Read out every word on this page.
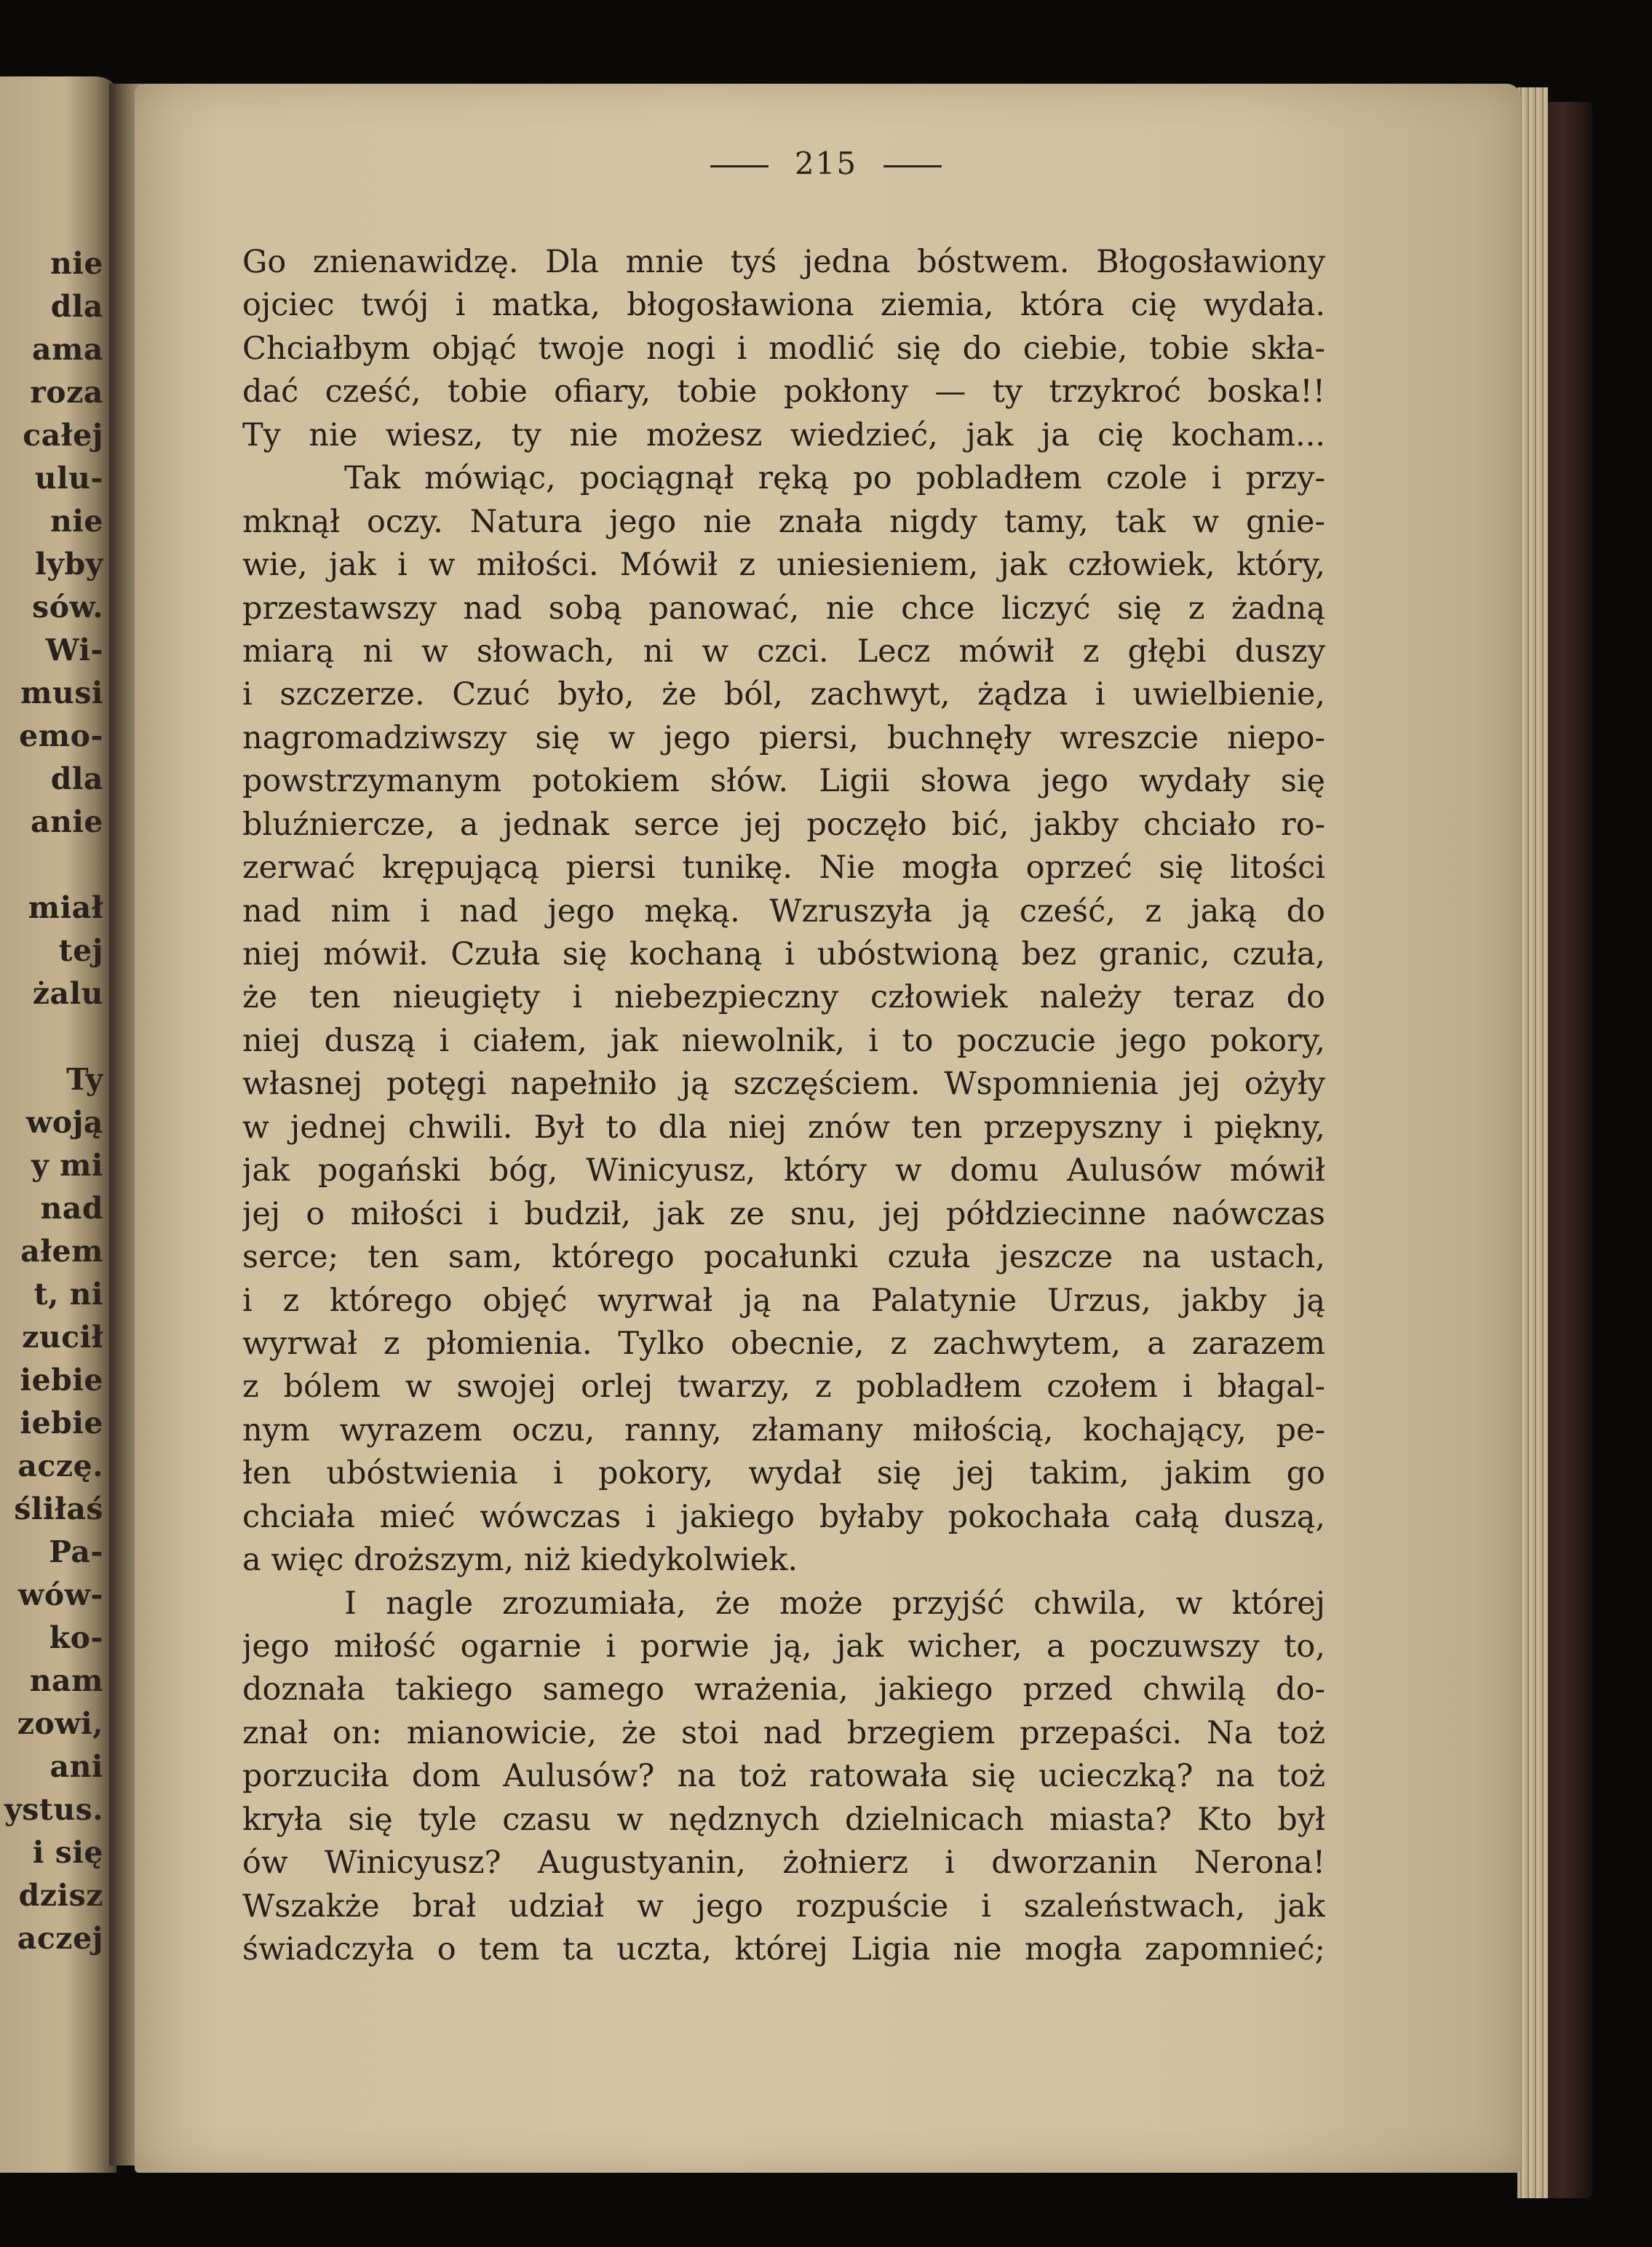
nie
dla
ama
roza
całej
ulu-
nie
lyby
sów.
Wi-
musi
emo-
dla
anie
miał
tej
żalu
Ty
woją
y mi
nad
ałem
t, ni
zucił
iebie
iebie
aczę.
śliłaś
Pa-
wów-
ko-
nam
zowi,
ani
ystus.
i się
dzisz
aczej
215
Go znienawidzę. Dla mnie tyś jedna bóstwem. Błogosławiony
ojciec twój i matka, błogosławiona ziemia, która cię wydała.
Chciałbym objąć twoje nogi i modlić się do ciebie, tobie skła-
dać cześć, tobie ofiary, tobie pokłony — ty trzykroć boska!!
Ty nie wiesz, ty nie możesz wiedzieć, jak ja cię kocham...
Tak mówiąc, pociągnął ręką po pobladłem czole i przy-
mknął oczy. Natura jego nie znała nigdy tamy, tak w gnie-
wie, jak i w miłości. Mówił z uniesieniem, jak człowiek, który,
przestawszy nad sobą panować, nie chce liczyć się z żadną
miarą ni w słowach, ni w czci. Lecz mówił z głębi duszy
i szczerze. Czuć było, że ból, zachwyt, żądza i uwielbienie,
nagromadziwszy się w jego piersi, buchnęły wreszcie niepo-
powstrzymanym potokiem słów. Ligii słowa jego wydały się
bluźniercze, a jednak serce jej poczęło bić, jakby chciało ro-
zerwać krępującą piersi tunikę. Nie mogła oprzeć się litości
nad nim i nad jego męką. Wzruszyła ją cześć, z jaką do
niej mówił. Czuła się kochaną i ubóstwioną bez granic, czuła,
że ten nieugięty i niebezpieczny człowiek należy teraz do
niej duszą i ciałem, jak niewolnik, i to poczucie jego pokory,
własnej potęgi napełniło ją szczęściem. Wspomnienia jej ożyły
w jednej chwili. Był to dla niej znów ten przepyszny i piękny,
jak pogański bóg, Winicyusz, który w domu Aulusów mówił
jej o miłości i budził, jak ze snu, jej półdziecinne naówczas
serce; ten sam, którego pocałunki czuła jeszcze na ustach,
i z którego objęć wyrwał ją na Palatynie Urzus, jakby ją
wyrwał z płomienia. Tylko obecnie, z zachwytem, a zarazem
z bólem w swojej orlej twarzy, z pobladłem czołem i błagal-
nym wyrazem oczu, ranny, złamany miłością, kochający, pe-
łen ubóstwienia i pokory, wydał się jej takim, jakim go
chciała mieć wówczas i jakiego byłaby pokochała całą duszą,
a więc droższym, niż kiedykolwiek.
I nagle zrozumiała, że może przyjść chwila, w której
jego miłość ogarnie i porwie ją, jak wicher, a poczuwszy to,
doznała takiego samego wrażenia, jakiego przed chwilą do-
znał on: mianowicie, że stoi nad brzegiem przepaści. Na toż
porzuciła dom Aulusów? na toż ratowała się ucieczką? na toż
kryła się tyle czasu w nędznych dzielnicach miasta? Kto był
ów Winicyusz? Augustyanin, żołnierz i dworzanin Nerona!
Wszakże brał udział w jego rozpuście i szaleństwach, jak
świadczyła o tem ta uczta, której Ligia nie mogła zapomnieć;
